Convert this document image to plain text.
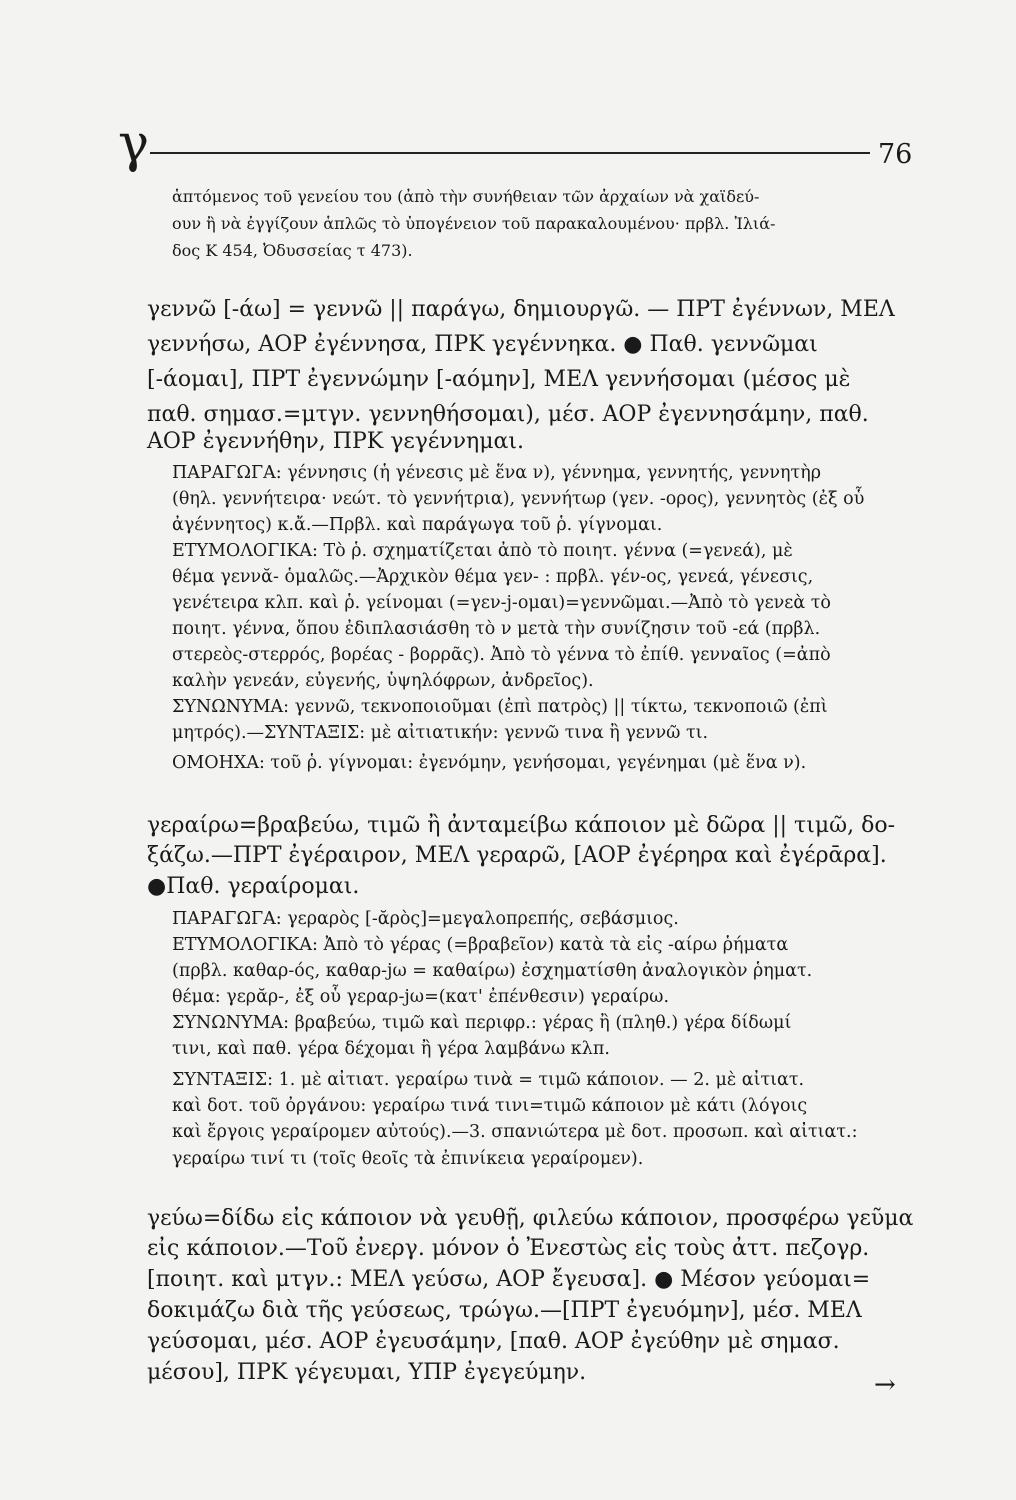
γ	76
ἁπτόμενος τοῦ γενείου του (ἀπὸ τὴν συνήθειαν τῶν ἀρχαίων νὰ χαϊδεύ-
ουν ἢ νὰ ἐγγίζουν ἁπλῶς τὸ ὑπογένειον τοῦ παρακαλουμένου· πρβλ. Ἰλιά-
δος Κ 454, Ὀδυσσείας τ 473).
γεννῶ [-άω] = γεννῶ || παράγω, δημιουργῶ. — ΠΡΤ ἐγέννων, ΜΕΛ
γεννήσω, ΑΟΡ ἐγέννησα, ΠΡΚ γεγέννηκα. ● Παθ. γεννῶμαι
[-άομαι], ΠΡΤ ἐγεννώμην [-αόμην], ΜΕΛ γεννήσομαι (μέσος μὲ
παθ. σημασ.=μτγν. γεννηθήσομαι), μέσ. ΑΟΡ ἐγεννησάμην, παθ.
ΑΟΡ ἐγεννήθην, ΠΡΚ γεγέννημαι.
ΠΑΡΑΓΩΓΑ: γέννησις (ἡ γένεσις μὲ ἕνα ν), γέννημα, γεννητής, γεννητὴρ
(θηλ. γεννήτειρα· νεώτ. τὸ γεννήτρια), γεννήτωρ (γεν. -ορος), γεννητὸς (ἐξ οὗ
ἀγέννητος) κ.ἄ.—Πρβλ. καὶ παράγωγα τοῦ ῥ. γίγνομαι.
ΕΤΥΜΟΛΟΓΙΚΑ: Τὸ ῥ. σχηματίζεται ἀπὸ τὸ ποιητ. γέννα (=γενεά), μὲ
θέμα γεννᾰ- ὁμαλῶς.—Ἀρχικὸν θέμα γεν- : πρβλ. γέν-ος, γενεά, γένεσις,
γενέτειρα κλπ. καὶ ῥ. γείνομαι (=γεν-j-ομαι)=γεννῶμαι.—Ἀπὸ τὸ γενεὰ τὸ
ποιητ. γέννα, ὅπου ἐδιπλασιάσθη τὸ ν μετὰ τὴν συνίζησιν τοῦ -εά (πρβλ.
στερεὸς-στερρός, βορέας - βορρᾶς). Ἀπὸ τὸ γέννα τὸ ἐπίθ. γενναῖος (=ἀπὸ
καλὴν γενεάν, εὐγενής, ὑψηλόφρων, ἀνδρεῖος).
ΣΥΝΩΝΥΜΑ: γεννῶ, τεκνοποιοῦμαι (ἐπὶ πατρὸς) || τίκτω, τεκνοποιῶ (ἐπὶ
μητρός).—ΣΥΝΤΑΞΙΣ: μὲ αἰτιατικήν: γεννῶ τινα ἢ γεννῶ τι.
ΟΜΟΗΧΑ: τοῦ ῥ. γίγνομαι: ἐγενόμην, γενήσομαι, γεγένημαι (μὲ ἕνα ν).
γεραίρω=βραβεύω, τιμῶ ἢ ἀνταμείβω κάποιον μὲ δῶρα || τιμῶ, δο-
ξάζω.—ΠΡΤ ἐγέραιρον, ΜΕΛ γεραρῶ, [ΑΟΡ ἐγέρηρα καὶ ἐγέρᾱρα].
●Παθ. γεραίρομαι.
ΠΑΡΑΓΩΓΑ: γεραρὸς [-ᾰρὸς]=μεγαλοπρεπής, σεβάσμιος.
ΕΤΥΜΟΛΟΓΙΚΑ: Ἀπὸ τὸ γέρας (=βραβεῖον) κατὰ τὰ εἰς -αίρω ῥήματα
(πρβλ. καθαρ-ός, καθαρ-jω = καθαίρω) ἐσχηματίσθη ἀναλογικὸν ῥηματ.
θέμα: γερᾰρ-, ἐξ οὗ γεραρ-jω=(κατ' ἐπένθεσιν) γεραίρω.
ΣΥΝΩΝΥΜΑ: βραβεύω, τιμῶ καὶ περιφρ.: γέρας ἢ (πληθ.) γέρα δίδωμί
τινι, καὶ παθ. γέρα δέχομαι ἢ γέρα λαμβάνω κλπ.
ΣΥΝΤΑΞΙΣ: 1. μὲ αἰτιατ. γεραίρω τινὰ = τιμῶ κάποιον. — 2. μὲ αἰτιατ.
καὶ δοτ. τοῦ ὀργάνου: γεραίρω τινά τινι=τιμῶ κάποιον μὲ κάτι (λόγοις
καὶ ἔργοις γεραίρομεν αὐτούς).—3. σπανιώτερα μὲ δοτ. προσωπ. καὶ αἰτιατ.:
γεραίρω τινί τι (τοῖς θεοῖς τὰ ἐπινίκεια γεραίρομεν).
γεύω=δίδω εἰς κάποιον νὰ γευθῇ, φιλεύω κάποιον, προσφέρω γεῦμα
εἰς κάποιον.—Τοῦ ἐνεργ. μόνον ὁ Ἐνεστὼς εἰς τοὺς ἀττ. πεζογρ.
[ποιητ. καὶ μτγν.: ΜΕΛ γεύσω, ΑΟΡ ἔγευσα]. ● Μέσον γεύομαι=
δοκιμάζω διὰ τῆς γεύσεως, τρώγω.—[ΠΡΤ ἐγευόμην], μέσ. ΜΕΛ
γεύσομαι, μέσ. ΑΟΡ ἐγευσάμην, [παθ. ΑΟΡ ἐγεύθην μὲ σημασ.
μέσου], ΠΡΚ γέγευμαι, ΥΠΡ ἐγεγεύμην.	→
